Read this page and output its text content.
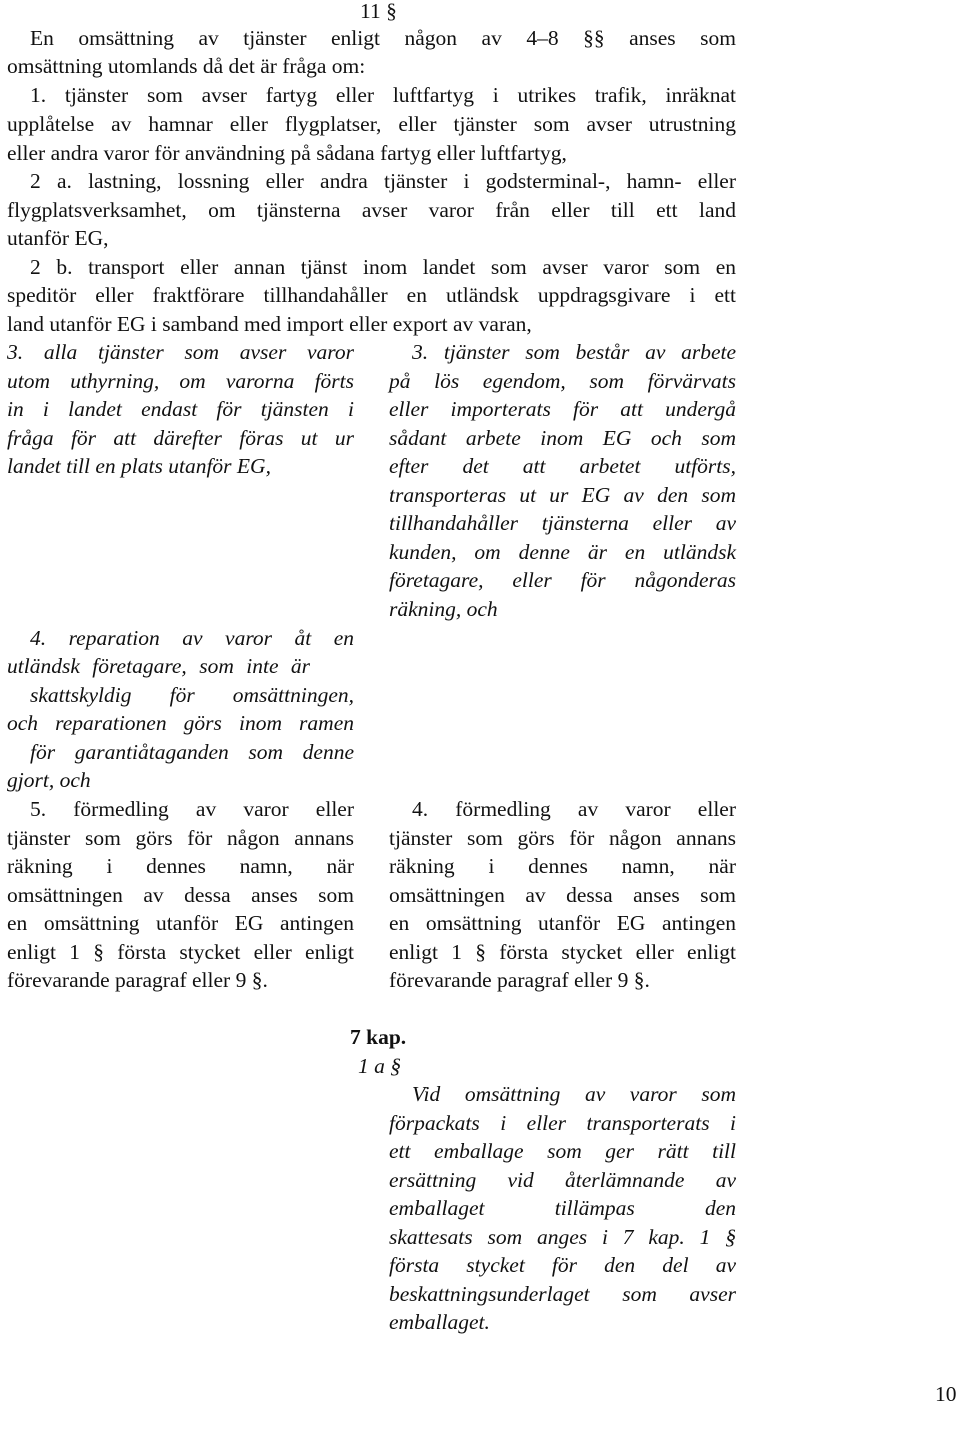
11 §
En omsättning av tjänster enligt någon av 4–8 §§ anses som
omsättning utomlands då det är fråga om:
1. tjänster som avser fartyg eller luftfartyg i utrikes trafik, inräknat
upplåtelse av hamnar eller flygplatser, eller tjänster som avser utrustning
eller andra varor för användning på sådana fartyg eller luftfartyg,
2 a. lastning, lossning eller andra tjänster i godsterminal-, hamn- eller
flygplatsverksamhet, om tjänsterna avser varor från eller till ett land
utanför EG,
2 b. transport eller annan tjänst inom landet som avser varor som en
speditör eller fraktförare tillhandahåller en utländsk uppdragsgivare i ett
land utanför EG i samband med import eller export av varan,
3. alla tjänster som avser varor
utom uthyrning, om varorna förts
in i landet endast för tjänsten i
fråga för att därefter föras ut ur
landet till en plats utanför EG,
4. reparation av varor åt en
utländsk företagare, som inte är
skattskyldig för omsättningen,
och reparationen görs inom ramen
för garantiåtaganden som denne
gjort, och
5. förmedling av varor eller
tjänster som görs för någon annans
räkning i dennes namn, när
omsättningen av dessa anses som
en omsättning utanför EG antingen
enligt 1 § första stycket eller enligt
förevarande paragraf eller 9 §.
3. tjänster som består av arbete
på lös egendom, som förvärvats
eller importerats för att undergå
sådant arbete inom EG och som
efter det att arbetet utförts,
transporteras ut ur EG av den som
tillhandahåller tjänsterna eller av
kunden, om denne är en utländsk
företagare, eller för någonderas
räkning, och
4. förmedling av varor eller
tjänster som görs för någon annans
räkning i dennes namn, när
omsättningen av dessa anses som
en omsättning utanför EG antingen
enligt 1 § första stycket eller enligt
förevarande paragraf eller 9 §.
7 kap.
1 a §
Vid omsättning av varor som
förpackats i eller transporterats i
ett emballage som ger rätt till
ersättning vid återlämnande av
emballaget tillämpas den
skattesats som anges i 7 kap. 1 §
första stycket för den del av
beskattningsunderlaget som avser
emballaget.
10
